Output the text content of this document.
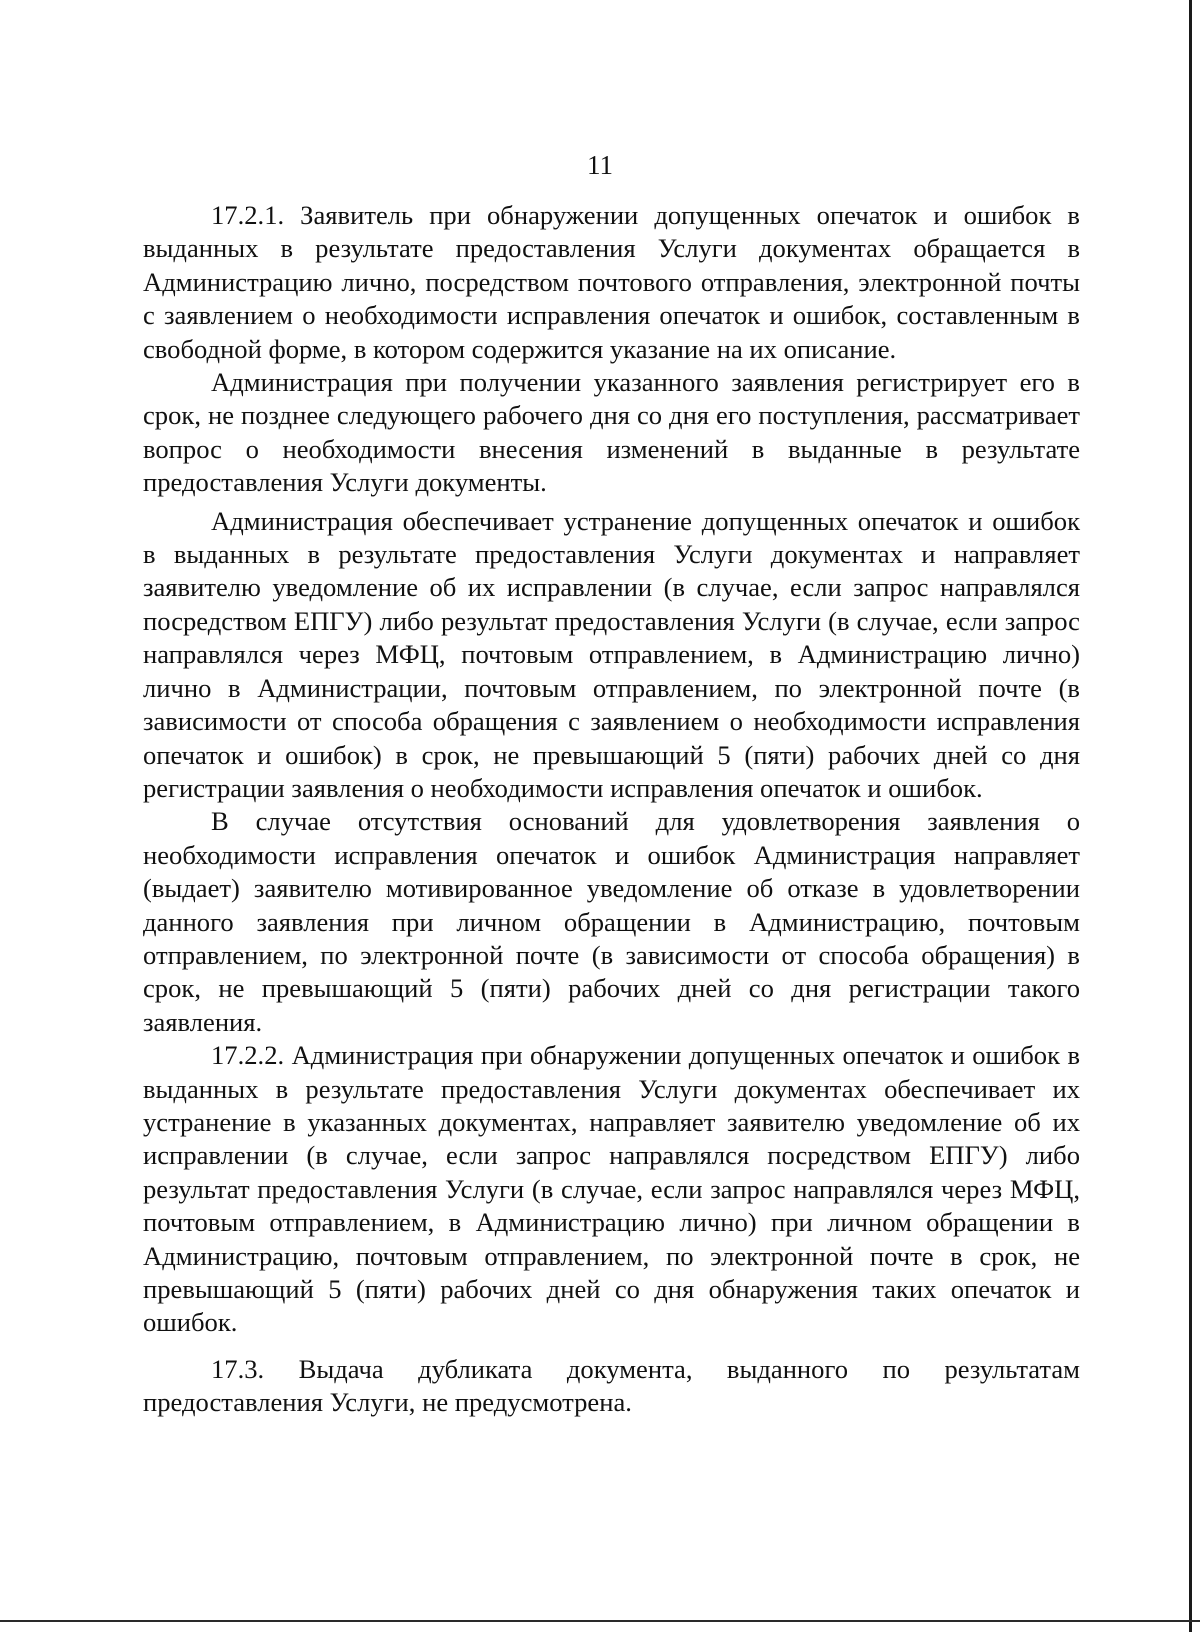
11

17.2.1. Заявитель при обнаружении допущенных опечаток и ошибок в выданных в результате предоставления Услуги документах обращается в Администрацию лично, посредством почтового отправления, электронной почты с заявлением о необходимости исправления опечаток и ошибок, составленным в свободной форме, в котором содержится указание на их описание.

Администрация при получении указанного заявления регистрирует его в срок, не позднее следующего рабочего дня со дня его поступления, рассматривает вопрос о необходимости внесения изменений в выданные в результате предоставления Услуги документы.

Администрация обеспечивает устранение допущенных опечаток и ошибок в выданных в результате предоставления Услуги документах и направляет заявителю уведомление об их исправлении (в случае, если запрос направлялся посредством ЕПГУ) либо результат предоставления Услуги (в случае, если запрос направлялся через МФЦ, почтовым отправлением, в Администрацию лично) лично в Администрации, почтовым отправлением, по электронной почте (в зависимости от способа обращения с заявлением о необходимости исправления опечаток и ошибок) в срок, не превышающий 5 (пяти) рабочих дней со дня регистрации заявления о необходимости исправления опечаток и ошибок.

В случае отсутствия оснований для удовлетворения заявления о необходимости исправления опечаток и ошибок Администрация направляет (выдает) заявителю мотивированное уведомление об отказе в удовлетворении данного заявления при личном обращении в Администрацию, почтовым отправлением, по электронной почте (в зависимости от способа обращения) в срок, не превышающий 5 (пяти) рабочих дней со дня регистрации такого заявления.

17.2.2. Администрация при обнаружении допущенных опечаток и ошибок в выданных в результате предоставления Услуги документах обеспечивает их устранение в указанных документах, направляет заявителю уведомление об их исправлении (в случае, если запрос направлялся посредством ЕПГУ) либо результат предоставления Услуги (в случае, если запрос направлялся через МФЦ, почтовым отправлением, в Администрацию лично) при личном обращении в Администрацию, почтовым отправлением, по электронной почте в срок, не превышающий 5 (пяти) рабочих дней со дня обнаружения таких опечаток и ошибок.

17.3. Выдача дубликата документа, выданного по результатам предоставления Услуги, не предусмотрена.
